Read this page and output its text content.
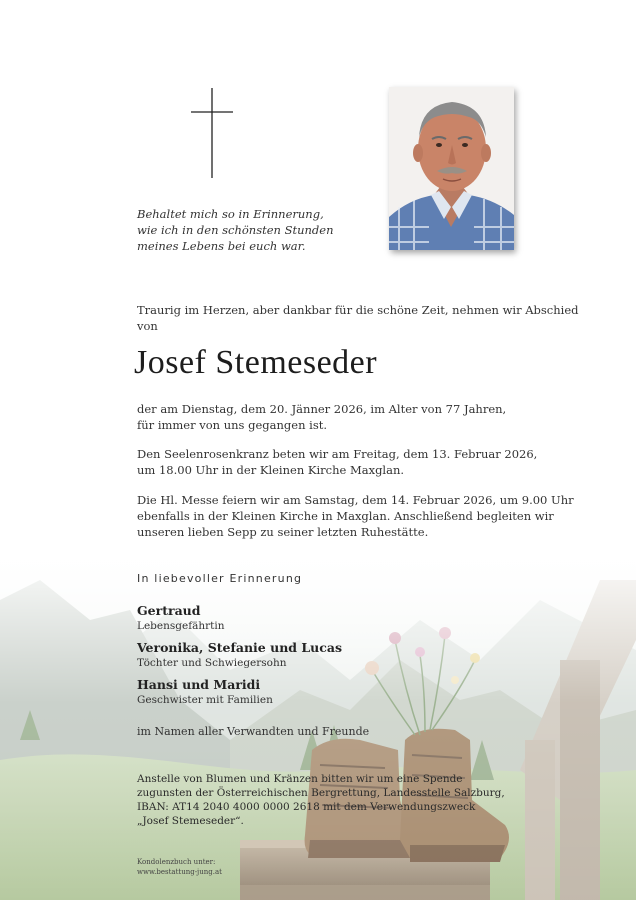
Behaltet mich so in Erinnerung,
wie ich in den schönsten Stunden
meines Lebens bei euch war.
Traurig im Herzen, aber dankbar für die schöne Zeit, nehmen wir Abschied
von
Josef Stemeseder
der am Dienstag, dem 20. Jänner 2026, im Alter von 77 Jahren,
für immer von uns gegangen ist.
Den Seelenrosenkranz beten wir am Freitag, dem 13. Februar 2026,
um 18.00 Uhr in der Kleinen Kirche Maxglan.
Die Hl. Messe feiern wir am Samstag, dem 14. Februar 2026, um 9.00 Uhr
ebenfalls in der Kleinen Kirche in Maxglan. Anschließend begleiten wir
unseren lieben Sepp zu seiner letzten Ruhestätte.
In liebevoller Erinnerung
Gertraud
Lebensgefährtin
Veronika, Stefanie und Lucas
Töchter und Schwiegersohn
Hansi und Maridi
Geschwister mit Familien
im Namen aller Verwandten und Freunde
Anstelle von Blumen und Kränzen bitten wir um eine Spende
zugunsten der Österreichischen Bergrettung, Landesstelle Salzburg,
IBAN: AT14 2040 4000 0000 2618 mit dem Verwendungszweck
„Josef Stemeseder“.
Kondolenzbuch unter:
www.bestattung-jung.at
